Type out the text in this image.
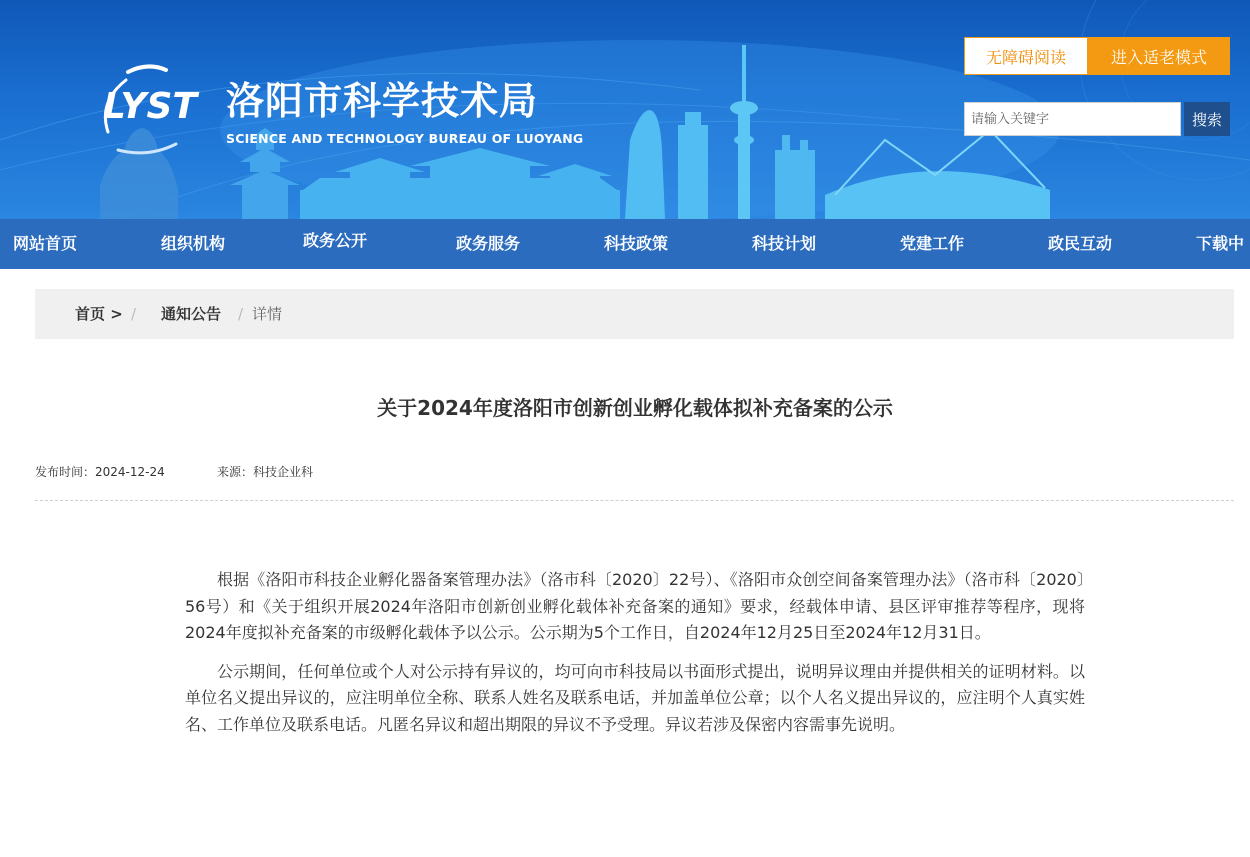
LYST 洛阳市科学技术局
SCIENCE AND TECHNOLOGY BUREAU OF LUOYANG
无障碍阅读	进入适老模式
请输入关键字
搜索
网站首页	组织机构	政务公开	政务服务	科技政策	科技计划	党建工作	政民互动	下载中
首页 > / 通知公告 / 详情
关于2024年度洛阳市创新创业孵化载体拟补充备案的公示
发布时间：2024-12-24	来源：科技企业科

根据《洛阳市科技企业孵化器备案管理办法》（洛市科〔2020〕22号）、《洛阳市众创空间备案管理办法》（洛市科〔2020〕56号）和《关于组织开展2024年洛阳市创新创业孵化载体补充备案的通知》要求，经载体申请、县区评审推荐等程序，现将2024年度拟补充备案的市级孵化载体予以公示。公示期为5个工作日，自2024年12月25日至2024年12月31日。

公示期间，任何单位或个人对公示持有异议的，均可向市科技局以书面形式提出，说明异议理由并提供相关的证明材料。以单位名义提出异议的，应注明单位全称、联系人姓名及联系电话，并加盖单位公章；以个人名义提出异议的，应注明个人真实姓名、工作单位及联系电话。凡匿名异议和超出期限的异议不予受理。异议若涉及保密内容需事先说明。
